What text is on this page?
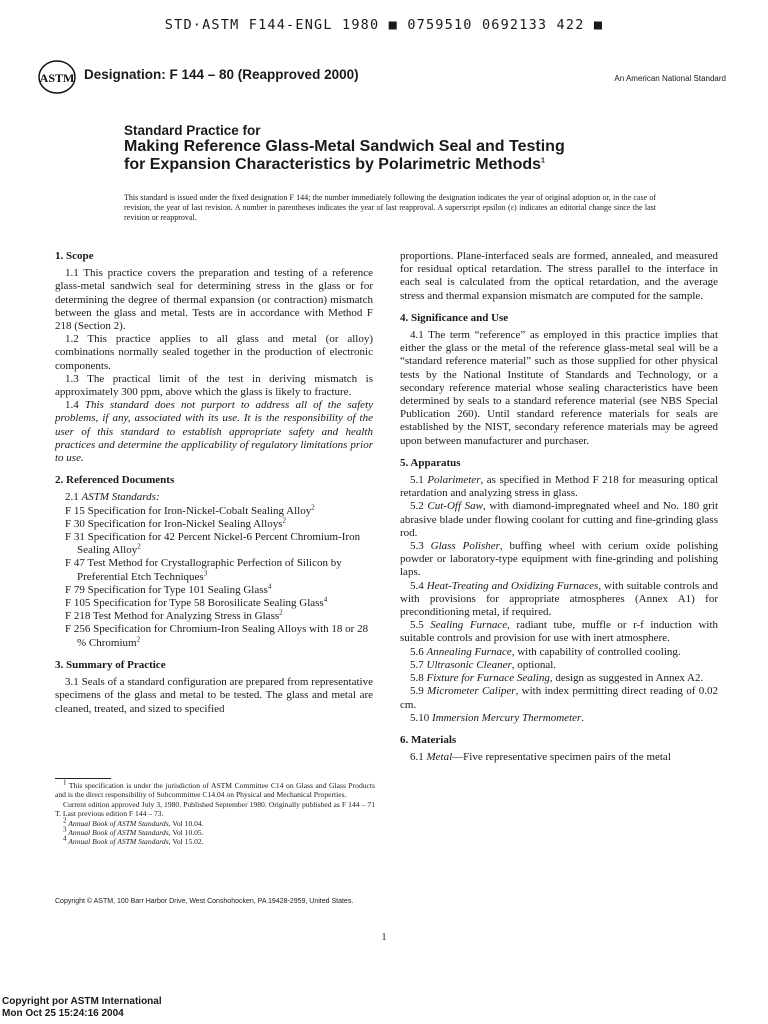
STD·ASTM F144-ENGL 1980 ■ 0759510 0692133 422 ■
ASTM Designation: F 144 – 80 (Reapproved 2000)	An American National Standard
Standard Practice for
Making Reference Glass-Metal Sandwich Seal and Testing
for Expansion Characteristics by Polarimetric Methods$^1$
This standard is issued under the fixed designation F 144; the number immediately following the designation indicates the year of original adoption or, in the case of revision, the year of last revision. A number in parentheses indicates the year of last reapproval. A superscript epsilon (ε) indicates an editorial change since the last revision or reapproval.

1. Scope

1.1 This practice covers the preparation and testing of a reference glass-metal sandwich seal for determining stress in the glass or for determining the degree of thermal expansion (or contraction) mismatch between the glass and metal. Tests are in accordance with Method F 218 (Section 2).

1.2 This practice applies to all glass and metal (or alloy) combinations normally sealed together in the production of electronic components.

1.3 The practical limit of the test in deriving mismatch is approximately 300 ppm, above which the glass is likely to fracture.

1.4 This standard does not purport to address all of the safety problems, if any, associated with its use. It is the responsibility of the user of this standard to establish appropriate safety and health practices and determine the applicability of regulatory limitations prior to use.

2. Referenced Documents

2.1 ASTM Standards:

F 15 Specification for Iron-Nickel-Cobalt Sealing Alloy$^2$

F 30 Specification for Iron-Nickel Sealing Alloys$^2$

F 31 Specification for 42 Percent Nickel-6 Percent Chromium-Iron Sealing Alloy$^2$

F 47 Test Method for Crystallographic Perfection of Silicon by Preferential Etch Techniques$^3$

F 79 Specification for Type 101 Sealing Glass$^4$

F 105 Specification for Type 58 Borosilicate Sealing Glass$^4$

F 218 Test Method for Analyzing Stress in Glass$^2$

F 256 Specification for Chromium-Iron Sealing Alloys with 18 or 28 % Chromium$^2$

3. Summary of Practice

3.1 Seals of a standard configuration are prepared from representative specimens of the glass and metal to be tested. The glass and metal are cleaned, treated, and sized to specified

proportions. Plane-interfaced seals are formed, annealed, and measured for residual optical retardation. The stress parallel to the interface in each seal is calculated from the optical retardation, and the average stress and thermal expansion mismatch are computed for the sample.

4. Significance and Use

4.1 The term “reference” as employed in this practice implies that either the glass or the metal of the reference glass-metal seal will be a “standard reference material” such as those supplied for other physical tests by the National Institute of Standards and Technology, or a secondary reference material whose sealing characteristics have been determined by seals to a standard reference material (see NBS Special Publication 260). Until standard reference materials for seals are established by the NIST, secondary reference materials may be agreed upon between manufacturer and purchaser.

5. Apparatus

5.1 Polarimeter, as specified in Method F 218 for measuring optical retardation and analyzing stress in glass.

5.2 Cut-Off Saw, with diamond-impregnated wheel and No. 180 grit abrasive blade under flowing coolant for cutting and fine-grinding glass rod.

5.3 Glass Polisher, buffing wheel with cerium oxide polishing powder or laboratory-type equipment with fine-grinding and polishing laps.

5.4 Heat-Treating and Oxidizing Furnaces, with suitable controls and with provisions for appropriate atmospheres (Annex A1) for preconditioning metal, if required.

5.5 Sealing Furnace, radiant tube, muffle or r-f induction with suitable controls and provision for use with inert atmosphere.

5.6 Annealing Furnace, with capability of controlled cooling.

5.7 Ultrasonic Cleaner, optional.

5.8 Fixture for Furnace Sealing, design as suggested in Annex A2.

5.9 Micrometer Caliper, with index permitting direct reading of 0.02 cm.

5.10 Immersion Mercury Thermometer.

6. Materials

6.1 Metal—Five representative specimen pairs of the metal

$^1$ This specification is under the jurisdiction of ASTM Committee C14 on Glass and Glass Products and is the direct responsibility of Subcommittee C14.04 on Physical and Mechanical Properties.

Current edition approved July 3, 1980. Published September 1980. Originally published as F 144 – 71 T. Last previous edition F 144 – 73.

$^2$ Annual Book of ASTM Standards, Vol 10.04.

$^3$ Annual Book of ASTM Standards, Vol 10.05.

$^4$ Annual Book of ASTM Standards, Vol 15.02.

Copyright © ASTM, 100 Barr Harbor Drive, West Conshohocken, PA 19428-2959, United States.
1
Copyright por ASTM International
Mon Oct 25 15:24:16 2004
